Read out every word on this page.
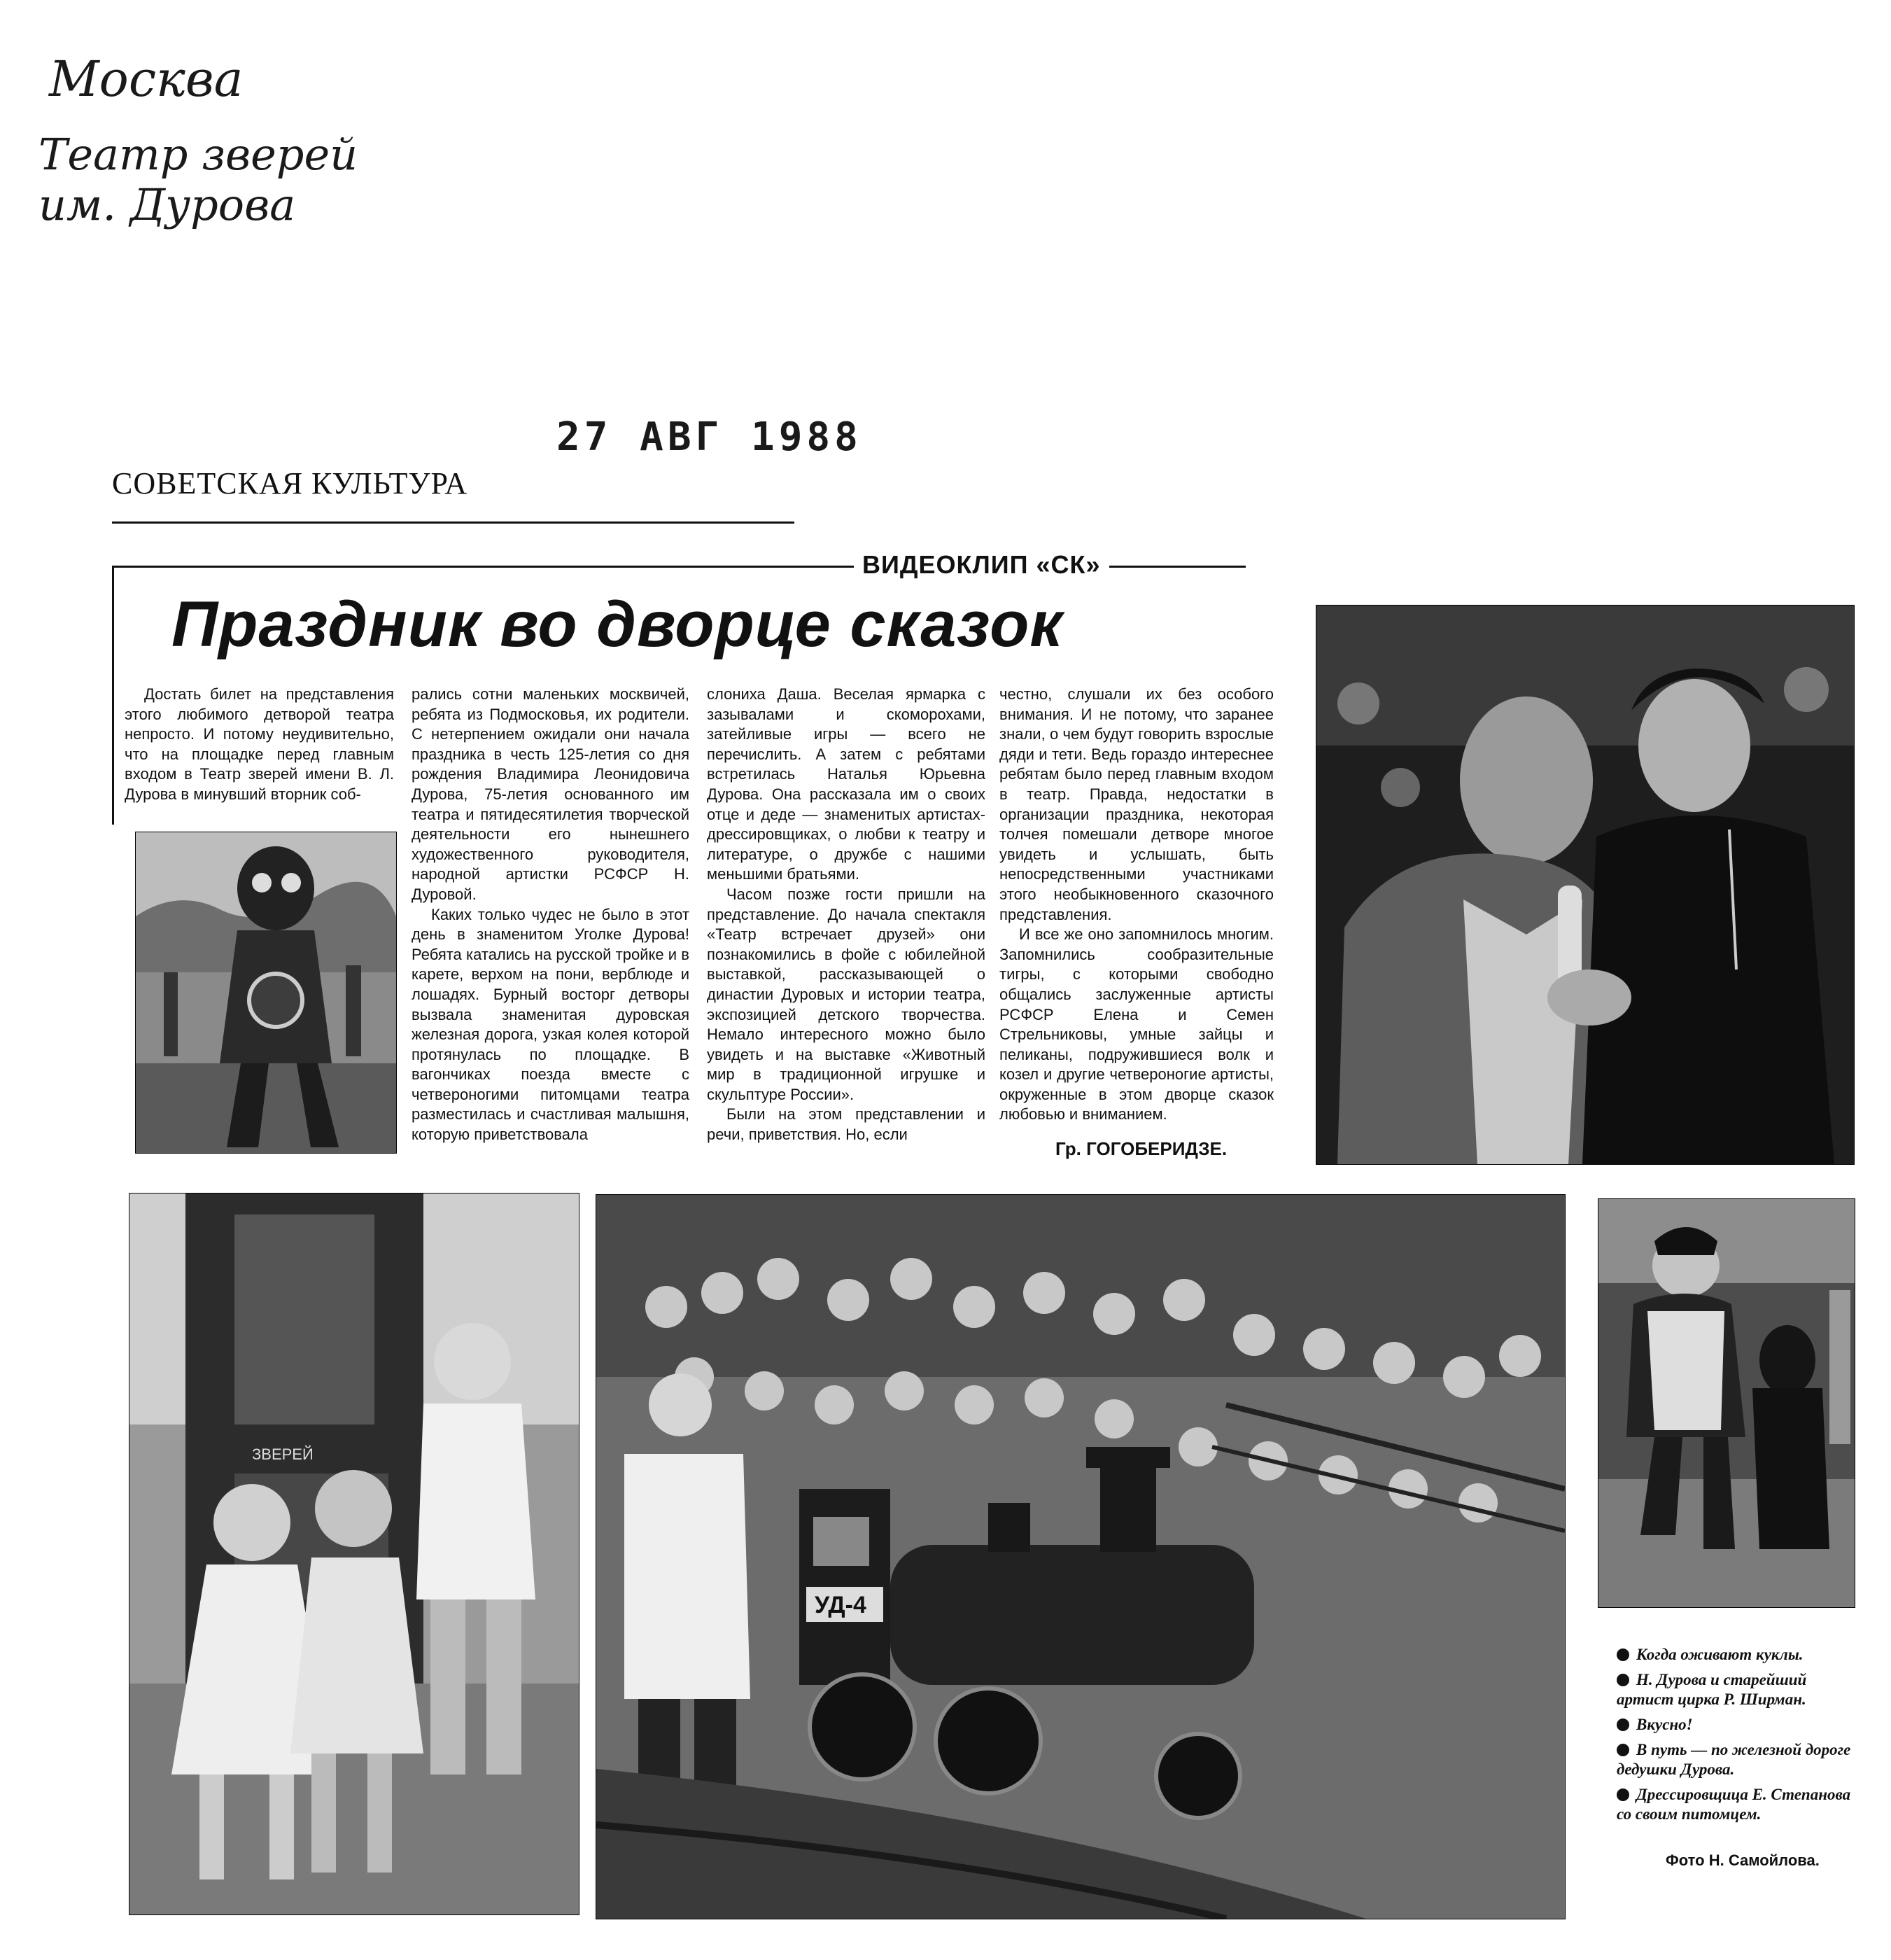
Москва
Театр зверей
им. Дурова
27 АВГ 1988
СОВЕТСКАЯ КУЛЬТУРА
ВИДЕОКЛИП «СК»
Праздник во дворце сказок

Достать билет на представления этого любимого детворой театра непросто. И потому неудивительно, что на площадке перед главным входом в Театр зверей имени В. Л. Дурова в минувший вторник соб-

рались сотни маленьких москвичей, ребята из Подмосковья, их родители. С нетерпением ожидали они начала праздника в честь 125-летия со дня рождения Владимира Леонидовича Дурова, 75-летия основанного им театра и пятидесятилетия творческой деятельности его нынешнего художественного руководителя, народной артистки РСФСР Н. Дуровой.

Каких только чудес не было в этот день в знаменитом Уголке Дурова! Ребята катались на русской тройке и в карете, верхом на пони, верблюде и лошадях. Бурный восторг детворы вызвала знаменитая дуровская железная дорога, узкая колея которой протянулась по площадке. В вагончиках поезда вместе с четвероногими питомцами театра разместилась и счастливая малышня, которую приветствовала

слониха Даша. Веселая ярмарка с зазывалами и скоморохами, затейливые игры — всего не перечислить. А затем с ребятами встретилась Наталья Юрьевна Дурова. Она рассказала им о своих отце и деде — знаменитых артистах-дрессировщиках, о любви к театру и литературе, о дружбе с нашими меньшими братьями.

Часом позже гости пришли на представление. До начала спектакля «Театр встречает друзей» они познакомились в фойе с юбилейной выставкой, рассказывающей о династии Дуровых и истории театра, экспозицией детского творчества. Немало интересного можно было увидеть и на выставке «Животный мир в традиционной игрушке и скульптуре России».

Были на этом представлении и речи, приветствия. Но, если

честно, слушали их без особого внимания. И не потому, что заранее знали, о чем будут говорить взрослые дяди и тети. Ведь гораздо интереснее ребятам было перед главным входом в театр. Правда, недостатки в организации праздника, некоторая толчея помешали детворе многое увидеть и услышать, быть непосредственными участниками этого необыкновенного сказочного представления.

И все же оно запомнилось многим. Запомнились сообразительные тигры, с которыми свободно общались заслуженные артисты РСФСР Елена и Семен Стрельниковы, умные зайцы и пеликаны, подружившиеся волк и козел и другие четвероногие артисты, окруженные в этом дворце сказок любовью и вниманием.

Гр. ГОГОБЕРИДЗЕ.
ЗВЕРЕЙ
УД-4
Когда оживают куклы.
Н. Дурова и старейший артист цирка Р. Ширман.
Вкусно!
В путь — по железной дороге дедушки Дурова.
Дрессировщица Е. Степанова со своим питомцем.
Фото Н. Самойлова.
